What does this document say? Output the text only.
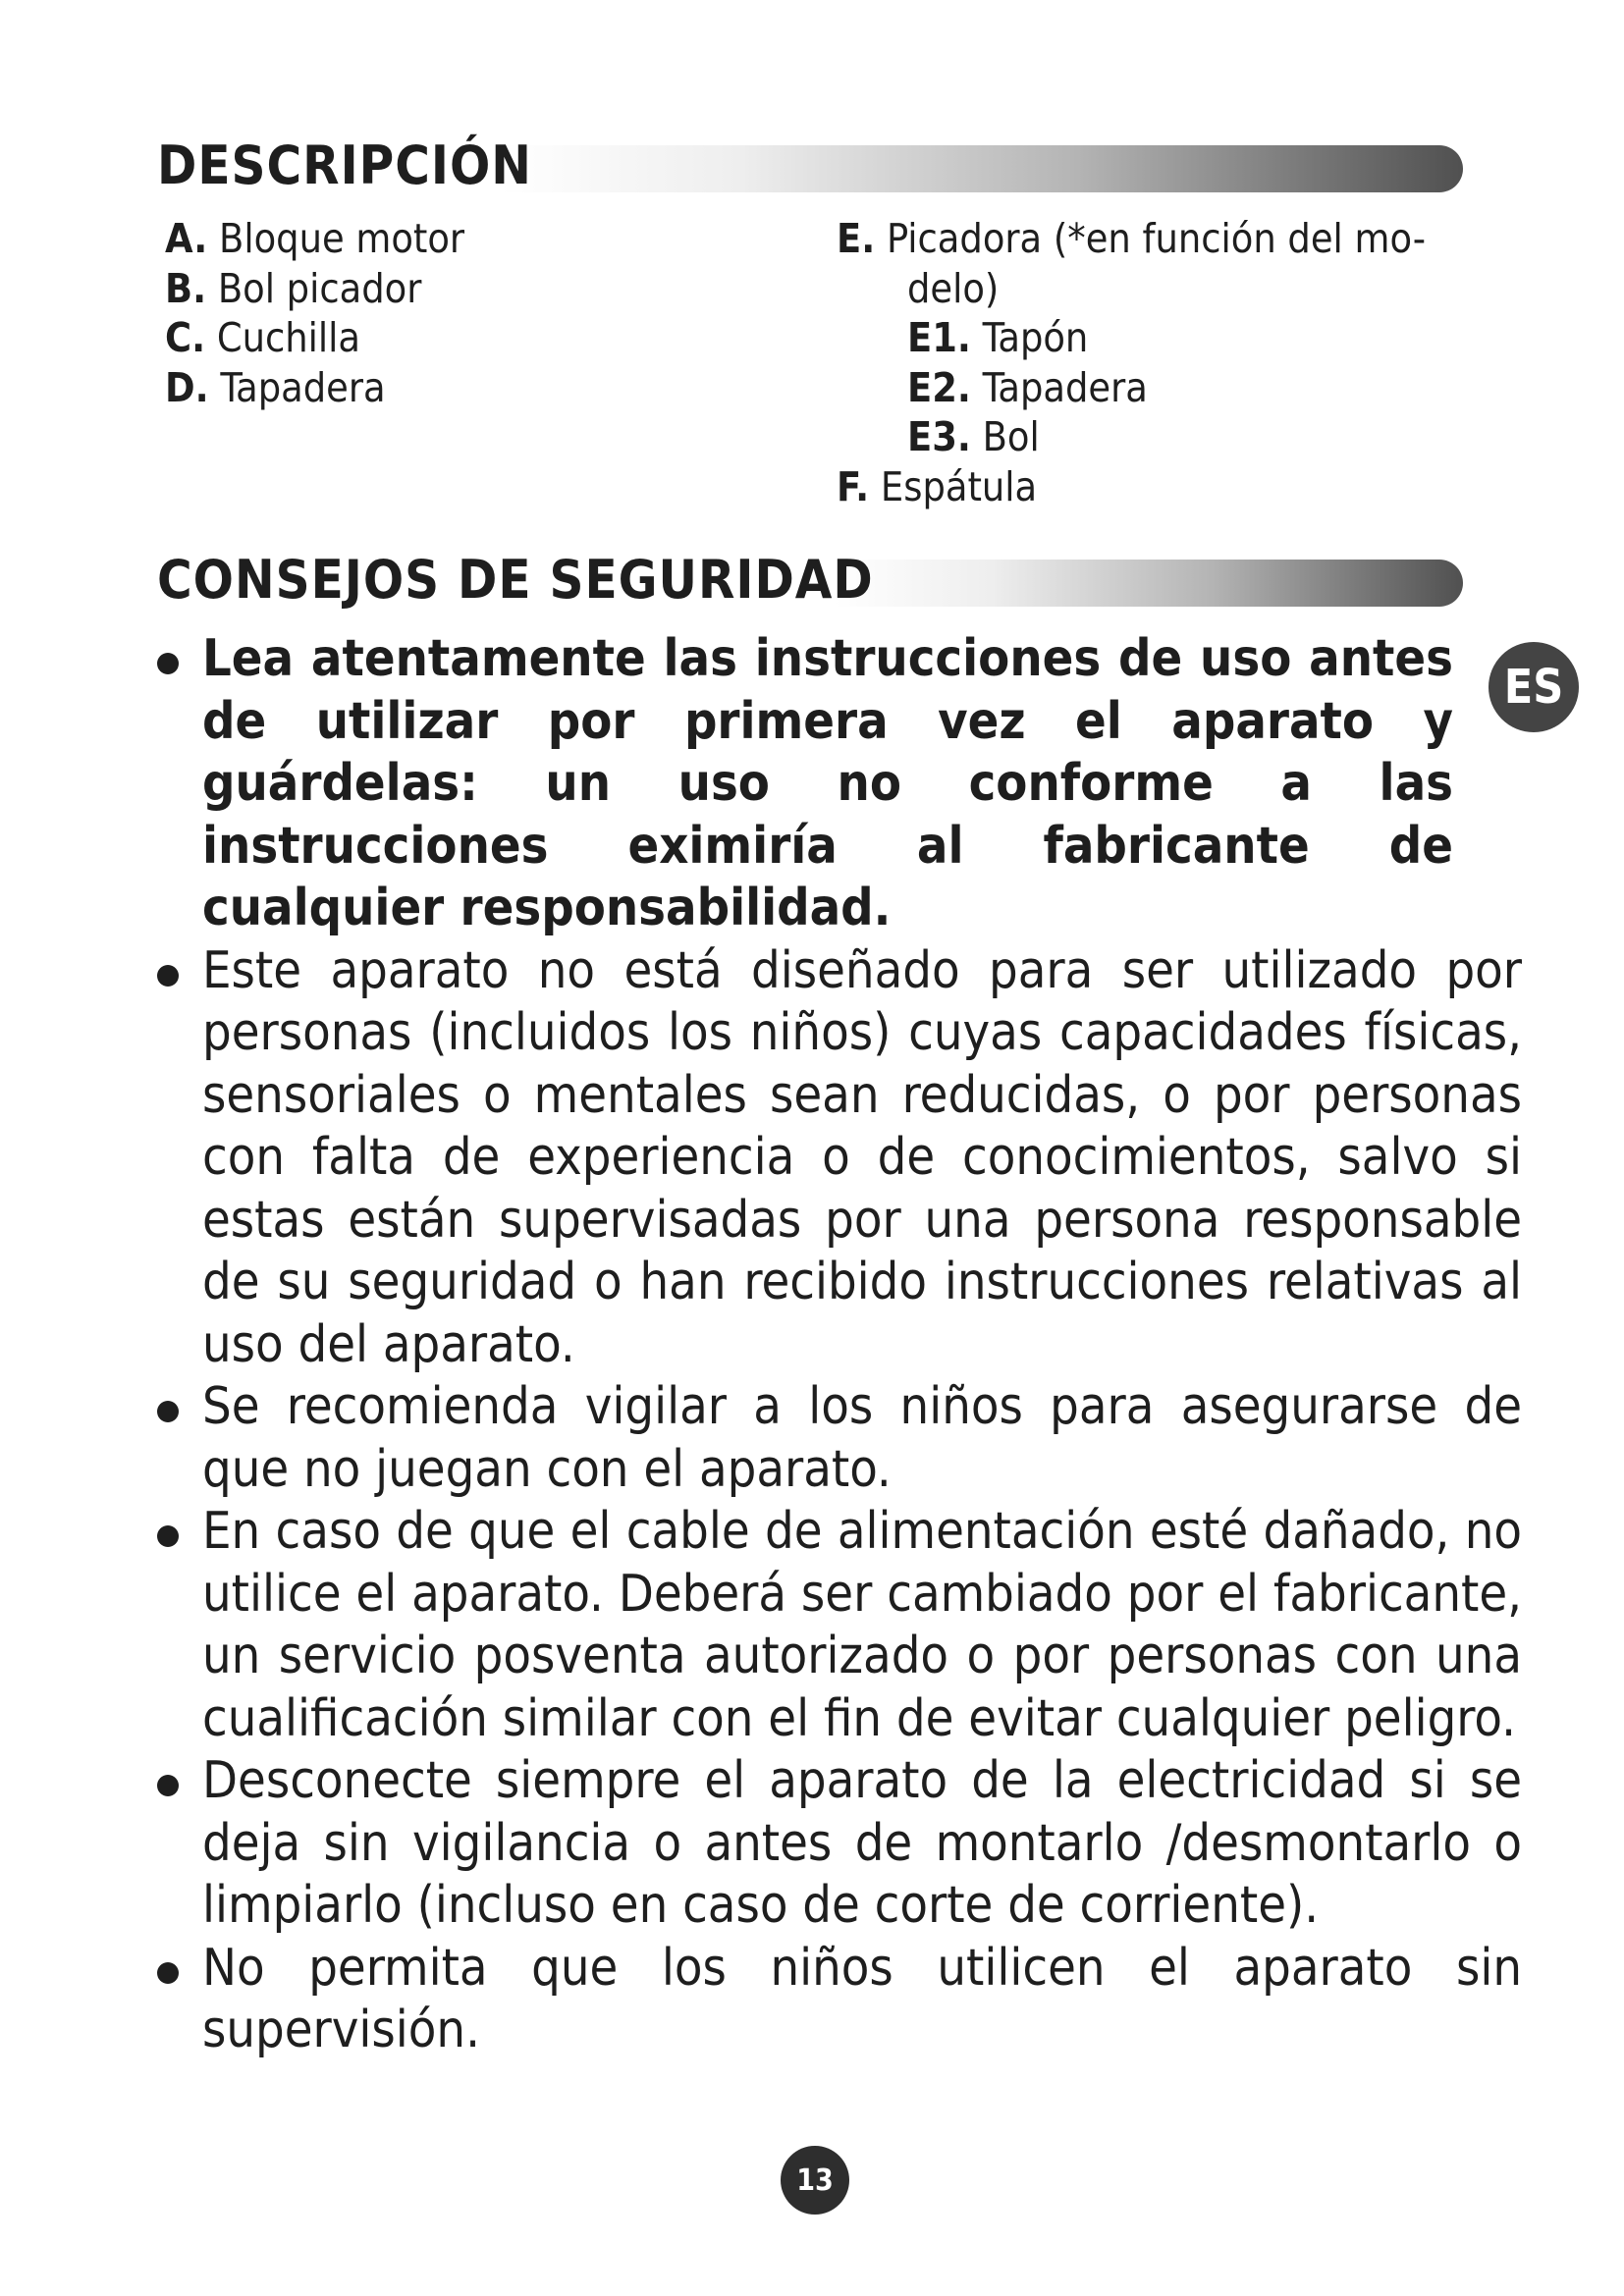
DESCRIPCIÓN
A. Bloque motor
B. Bol picador
C. Cuchilla
D. Tapadera
E. Picadora (*en función del mo-
delo)
E1. Tapón
E2. Tapadera
E3. Bol
F. Espátula
CONSEJOS DE SEGURIDAD
ES
Lea atentamente las instrucciones de uso antes de utilizar por primera vez el aparato y guárdelas: un uso no conforme a las instrucciones eximiría al fabricante de cualquier responsabilidad.
Este aparato no está diseñado para ser utilizado por personas (incluidos los niños) cuyas capacidades físicas, sensoriales o mentales sean reducidas, o por personas con falta de experiencia o de conocimientos, salvo si estas están supervisadas por una persona responsable de su seguridad o han recibido instrucciones relativas al uso del aparato.
Se recomienda vigilar a los niños para asegurarse de que no juegan con el aparato.
En caso de que el cable de alimentación esté dañado, no utilice el aparato. Deberá ser cambiado por el fabricante, un servicio posventa autorizado o por personas con una cualificación similar con el fin de evitar cualquier peligro.
Desconecte siempre el aparato de la electricidad si se deja sin vigilancia o antes de montarlo /desmontarlo o limpiarlo (incluso en caso de corte de corriente).
No permita que los niños utilicen el aparato sin supervisión.
13
